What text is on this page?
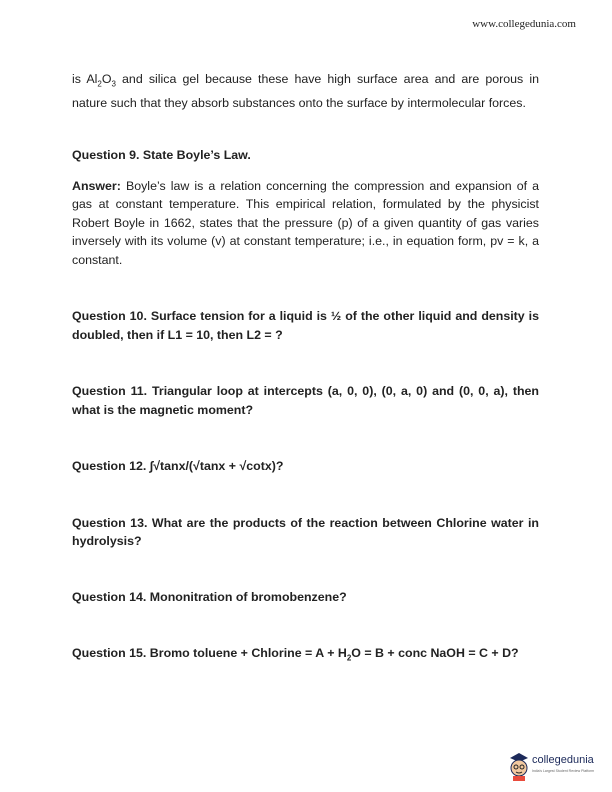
www.collegedunia.com

is $Al_2O_3$ and silica gel because these have high surface area and are porous in nature such that they absorb substances onto the surface by intermolecular forces.

Question 9. State Boyle’s Law.

Answer: Boyle’s law is a relation concerning the compression and expansion of a gas at constant temperature. This empirical relation, formulated by the physicist Robert Boyle in 1662, states that the pressure (p) of a given quantity of gas varies inversely with its volume (v) at constant temperature; i.e., in equation form, pv = k, a constant.

Question 10. Surface tension for a liquid is ½ of the other liquid and density is doubled, then if L1 = 10, then L2 = ?

Question 11. Triangular loop at intercepts (a, 0, 0), (0, a, 0) and (0, 0, a), then what is the magnetic moment?

Question 12. ∫√tanx/(√tanx + √cotx)?

Question 13. What are the products of the reaction between Chlorine water in hydrolysis?

Question 14. Mononitration of bromobenzene?

Question 15. Bromo toluene + Chlorine = $A + H_2O = B$ + conc NaOH = C + D?

collegedunia
India's Largest Student Review Platform
